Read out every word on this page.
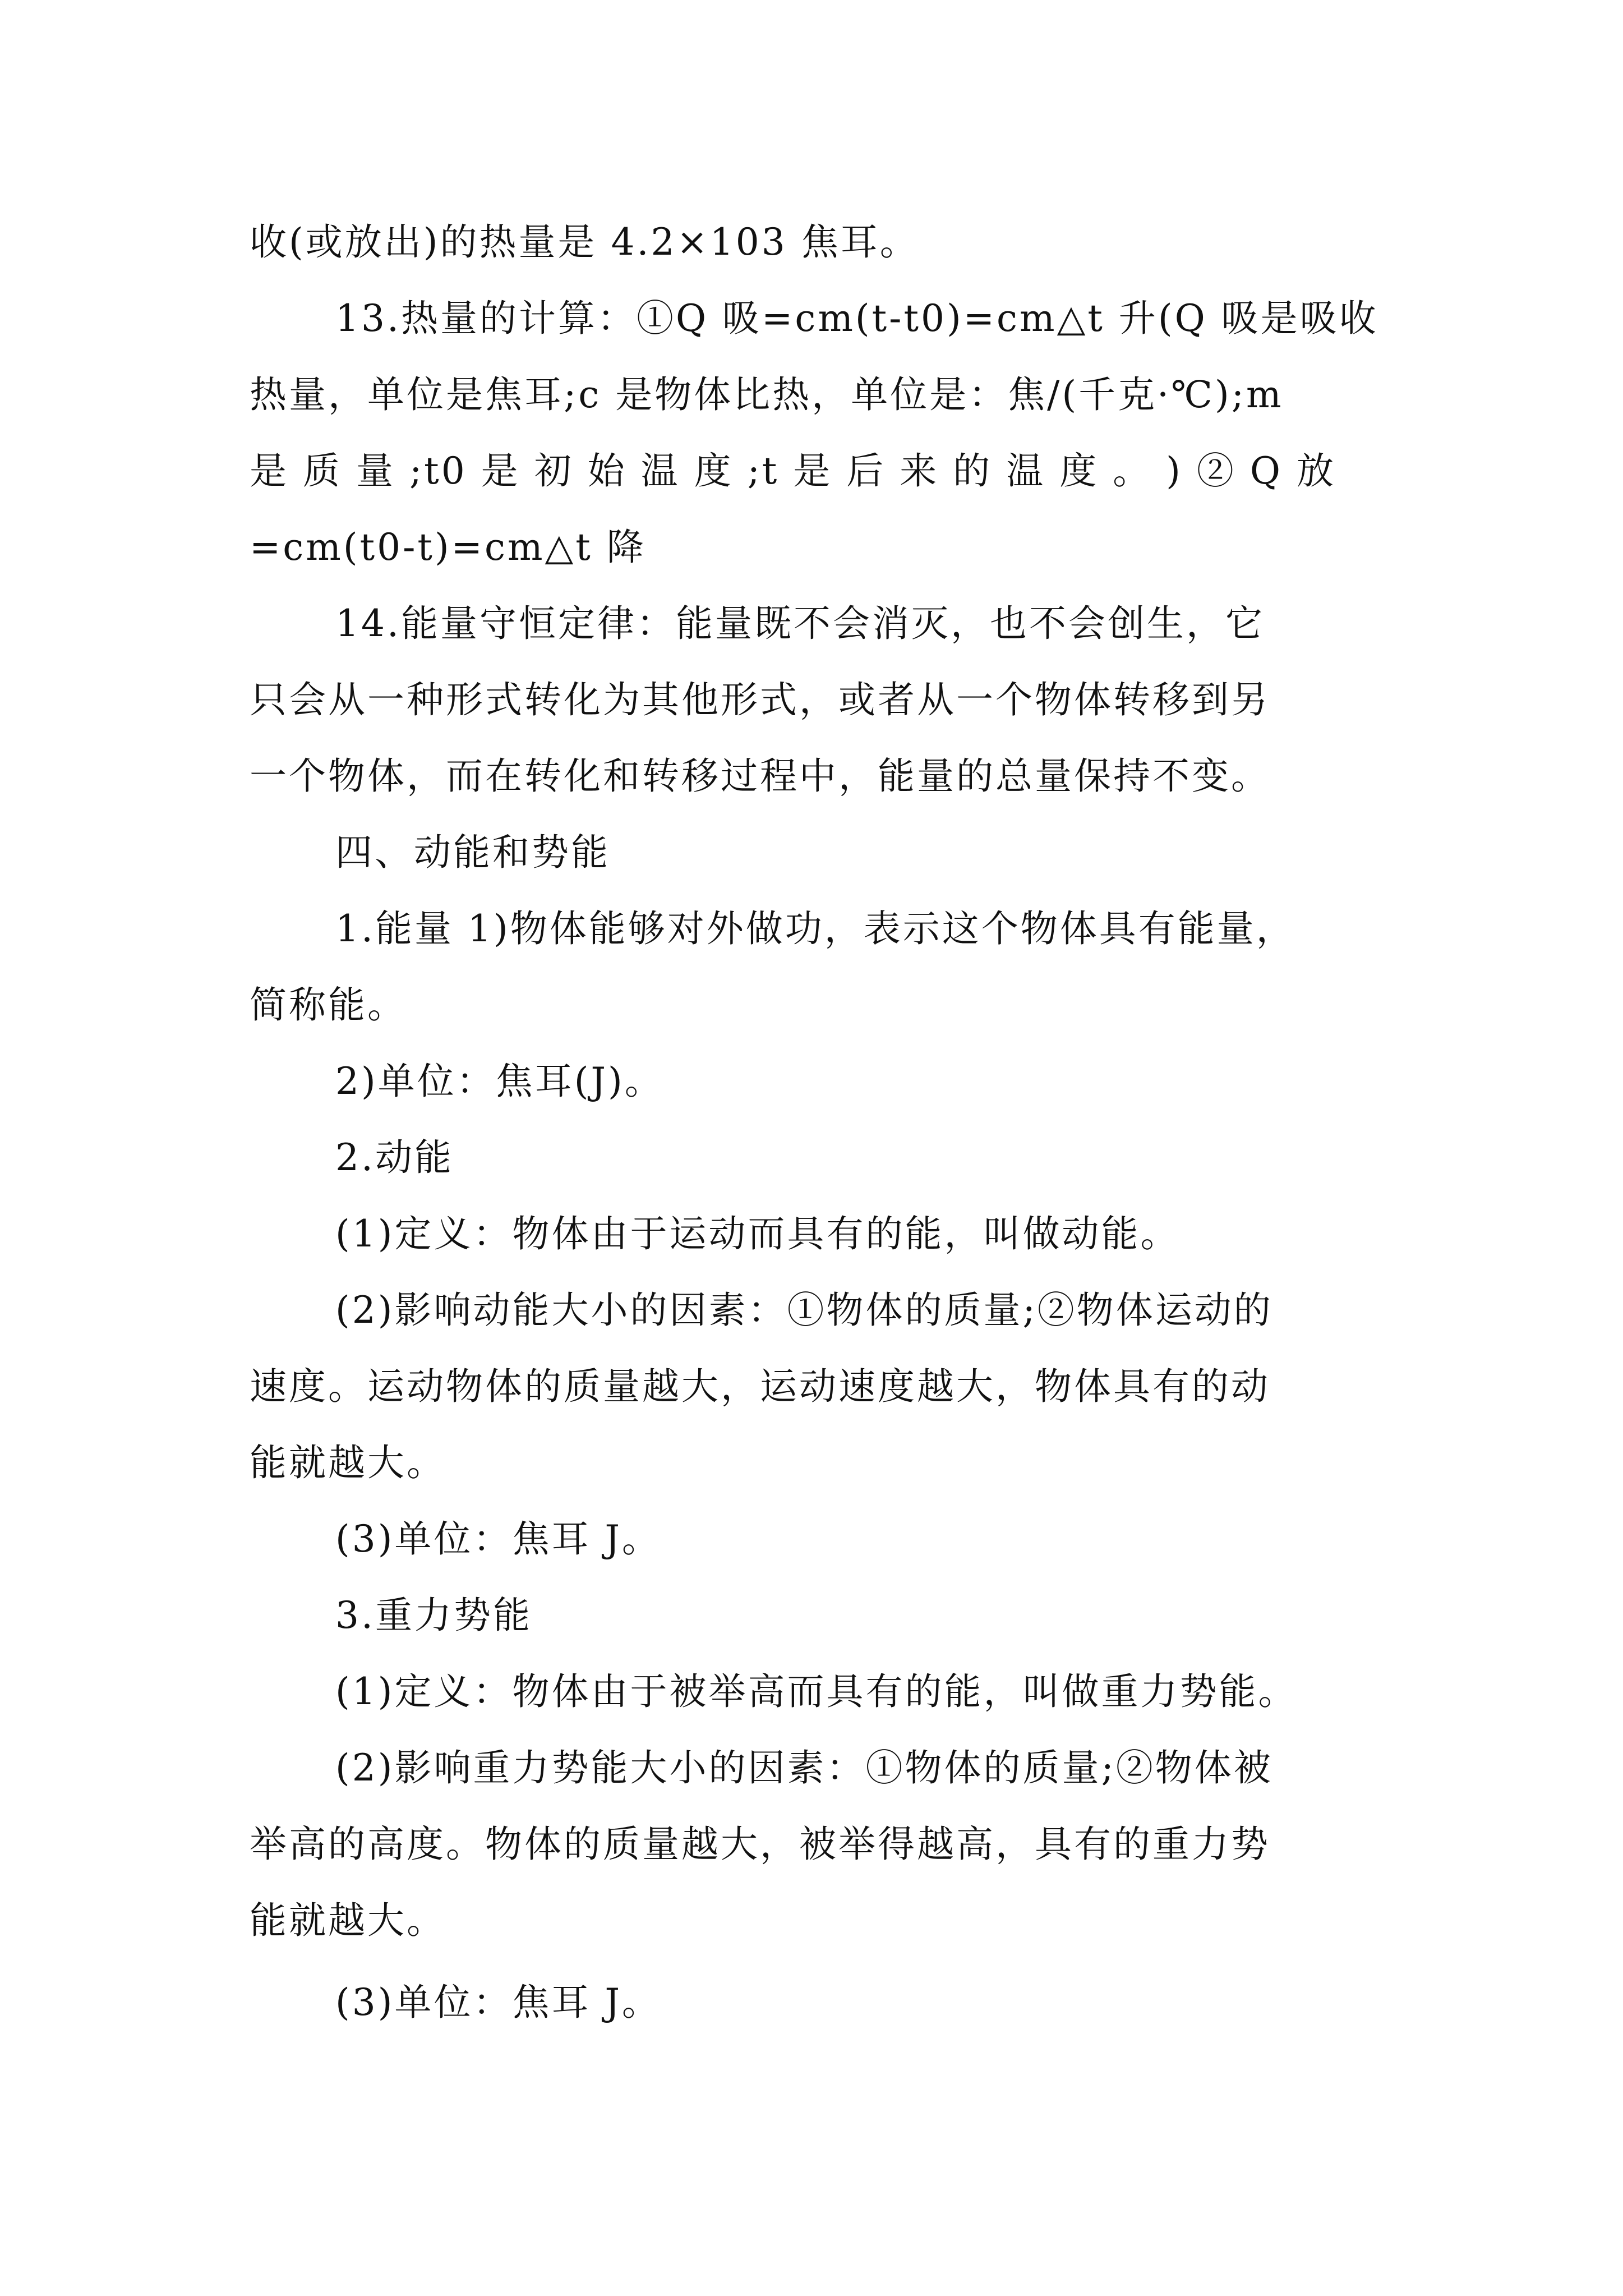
收(或放出)的热量是 4.2×103 焦耳。
13.热量的计算：①Q 吸=cm(t-t0)=cm△t 升(Q 吸是吸收
热量，单位是焦耳;c 是物体比热，单位是：焦/(千克·℃);m
是 质 量 ;t0 是 初 始 温 度 ;t 是 后 来 的 温 度 。 ) ② Q 放
=cm(t0-t)=cm△t 降
14.能量守恒定律：能量既不会消灭，也不会创生，它
只会从一种形式转化为其他形式，或者从一个物体转移到另
一个物体，而在转化和转移过程中，能量的总量保持不变。
四、动能和势能
1.能量 1)物体能够对外做功，表示这个物体具有能量，
简称能。
2)单位：焦耳(J)。
2.动能
(1)定义：物体由于运动而具有的能，叫做动能。
(2)影响动能大小的因素：①物体的质量;②物体运动的
速度。运动物体的质量越大，运动速度越大，物体具有的动
能就越大。
(3)单位：焦耳 J。
3.重力势能
(1)定义：物体由于被举高而具有的能，叫做重力势能。
(2)影响重力势能大小的因素：①物体的质量;②物体被
举高的高度。物体的质量越大，被举得越高，具有的重力势
能就越大。
(3)单位：焦耳 J。
